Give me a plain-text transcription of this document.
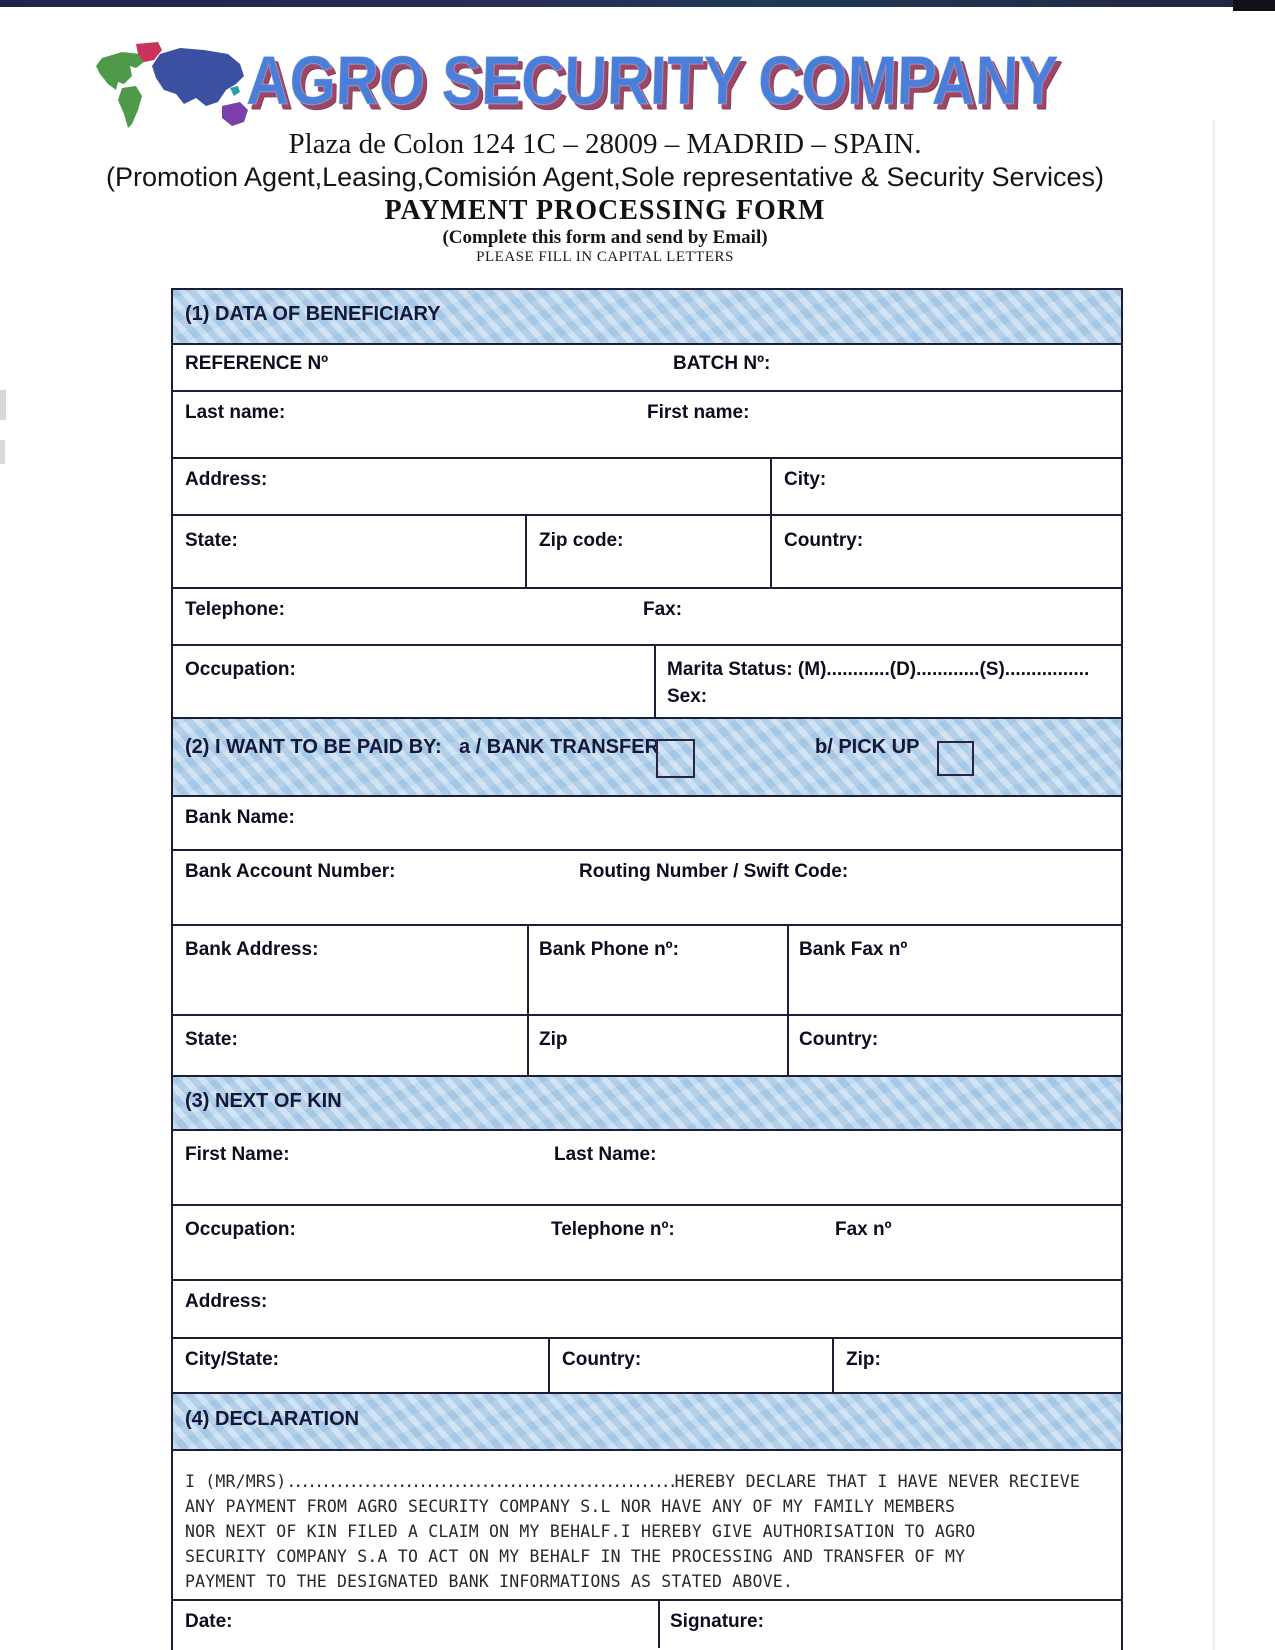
AGRO SECURITY COMPANY
Plaza de Colon 124 1C – 28009 – MADRID – SPAIN.
(Promotion Agent,Leasing,Comisión Agent,Sole representative & Security Services)
PAYMENT PROCESSING FORM
(Complete this form and send by Email)
PLEASE FILL IN CAPITAL LETTERS
(1) DATA OF BENEFICIARY
REFERENCE Nº	BATCH Nº:
Last name:	First name:
Address:	City:
State:	Zip code:	Country:
Telephone:	Fax:
Occupation:	Marita Status: (M)............(D)............(S)................
Sex:
(2) I WANT TO BE PAID BY: a / BANK TRANSFER	b/ PICK UP
Bank Name:
Bank Account Number:	Routing Number / Swift Code:
Bank Address:	Bank Phone nº:	Bank Fax nº
State:	Zip	Country:
(3) NEXT OF KIN
First Name:	Last Name:
Occupation:	Telephone nº:	Fax nº
Address:
City/State:	Country:	Zip:
(4) DECLARATION
I (MR/MRS)........................................................HEREBY DECLARE THAT I HAVE NEVER RECIEVE
ANY PAYMENT FROM AGRO SECURITY COMPANY S.L NOR HAVE ANY OF MY FAMILY MEMBERS
NOR NEXT OF KIN FILED A CLAIM ON MY BEHALF.I HEREBY GIVE AUTHORISATION TO AGRO
SECURITY COMPANY S.A TO ACT ON MY BEHALF IN THE PROCESSING AND TRANSFER OF MY
PAYMENT TO THE DESIGNATED BANK INFORMATIONS AS STATED ABOVE.
Date:	Signature:
